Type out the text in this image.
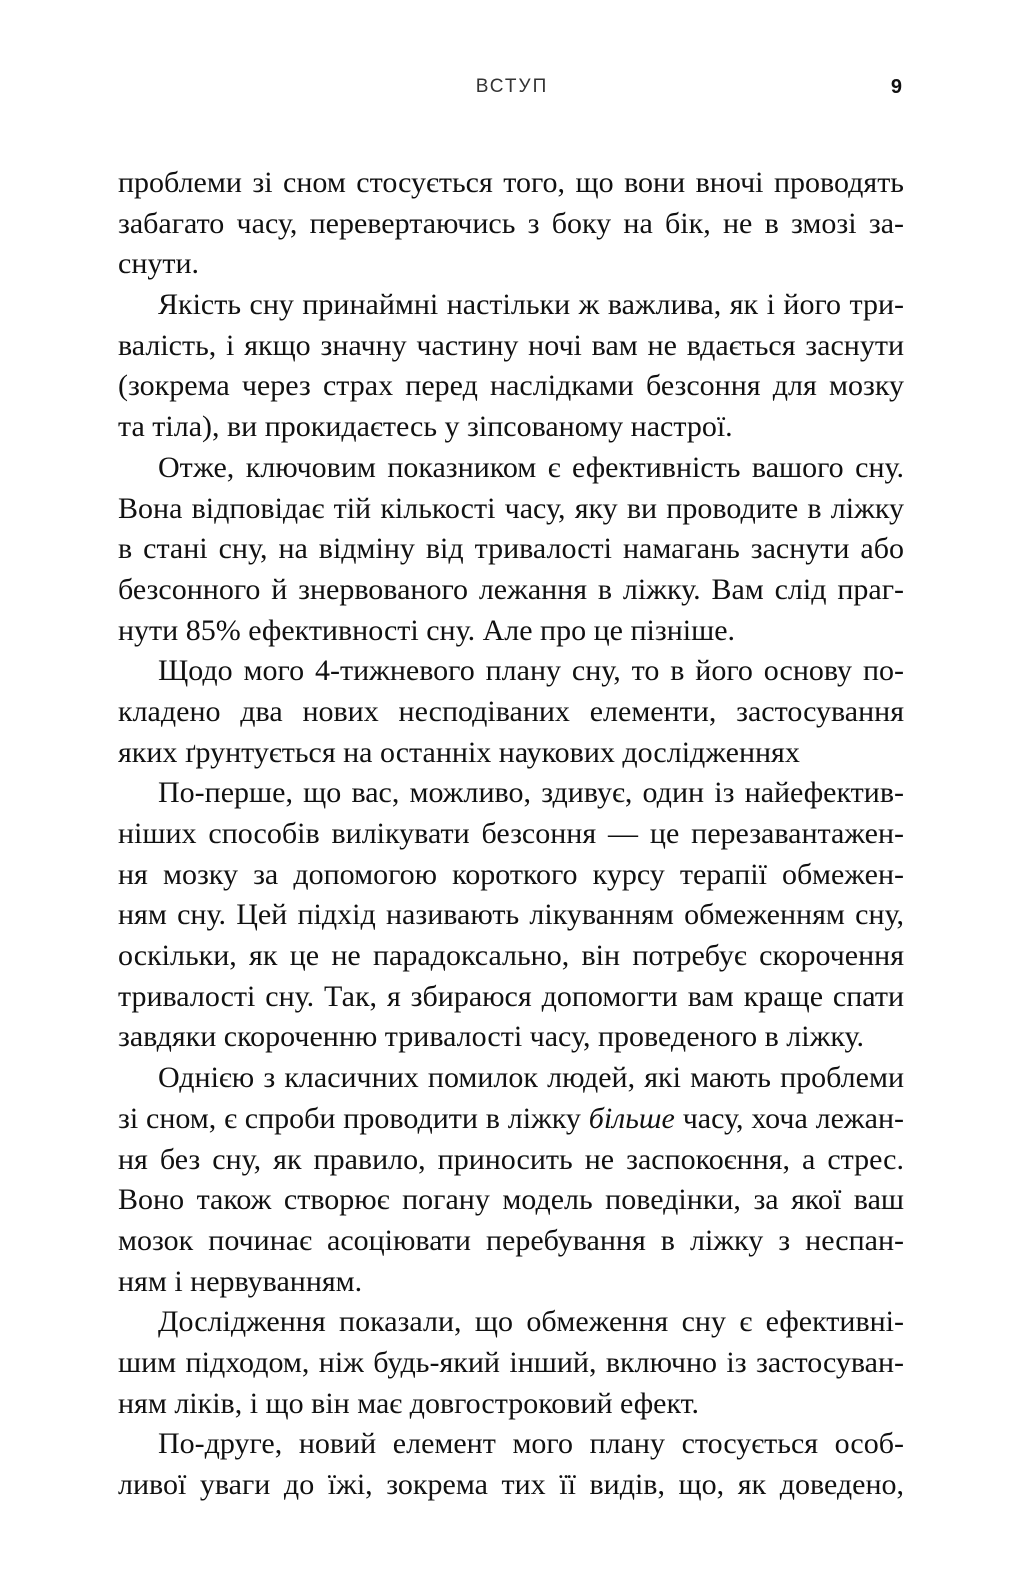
ВСТУП	9
проблеми зі сном стосується того, що вони вночі проводять
забагато часу, перевертаючись з боку на бік, не в змозі за-
снути.
Якість сну принаймні настільки ж важлива, як і його три-
валість, і якщо значну частину ночі вам не вдається заснути
(зокрема через страх перед наслідками безсоння для мозку
та тіла), ви прокидаєтесь у зіпсованому настрої.
Отже, ключовим показником є ефективність вашого сну.
Вона відповідає тій кількості часу, яку ви проводите в ліжку
в стані сну, на відміну від тривалості намагань заснути або
безсонного й знервованого лежання в ліжку. Вам слід праг-
нути 85% ефективності сну. Але про це пізніше.
Щодо мого 4-тижневого плану сну, то в його основу по-
кладено два нових несподіваних елементи, застосування
яких ґрунтується на останніх наукових дослідженнях
По-перше, що вас, можливо, здивує, один із найефектив-
ніших способів вилікувати безсоння — це перезавантажен-
ня мозку за допомогою короткого курсу терапії обмежен-
ням сну. Цей підхід називають лікуванням обмеженням сну,
оскільки, як це не парадоксально, він потребує скорочення
тривалості сну. Так, я збираюся допомогти вам краще спати
завдяки скороченню тривалості часу, проведеного в ліжку.
Однією з класичних помилок людей, які мають проблеми
зі сном, є спроби проводити в ліжку більше часу, хоча лежан-
ня без сну, як правило, приносить не заспокоєння, а стрес.
Воно також створює погану модель поведінки, за якої ваш
мозок починає асоціювати перебування в ліжку з неспан-
ням і нервуванням.
Дослідження показали, що обмеження сну є ефективні-
шим підходом, ніж будь-який інший, включно із застосуван-
ням ліків, і що він має довгостроковий ефект.
По-друге, новий елемент мого плану стосується особ-
ливої уваги до їжі, зокрема тих її видів, що, як доведено,
